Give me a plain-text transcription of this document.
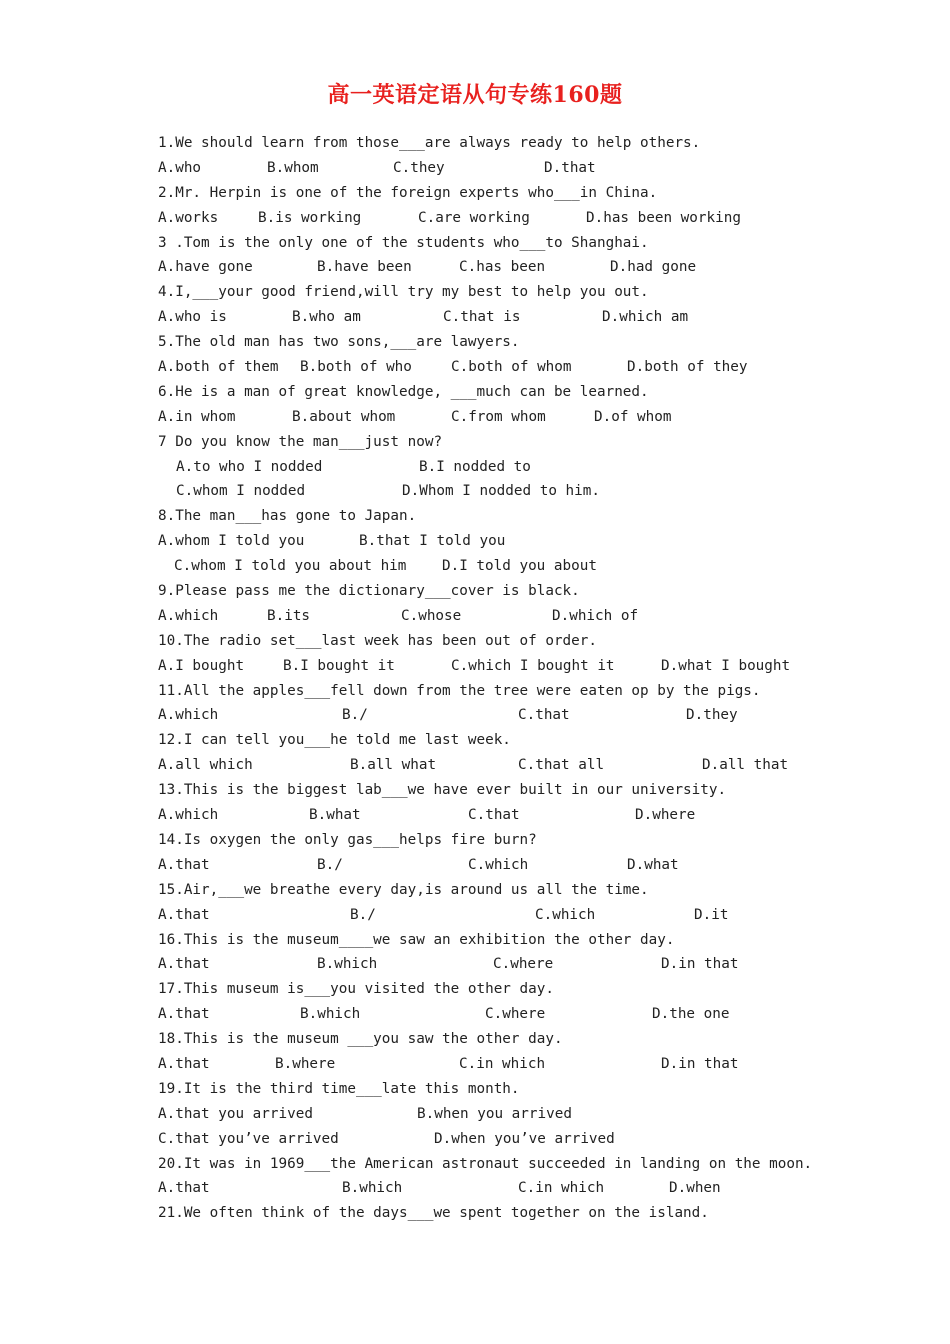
高一英语定语从句专练160题
1.We should learn from those___are always ready to help others.
A.who	B.whom	C.they	D.that
2.Mr. Herpin is one of the foreign experts who___in China.
A.works	B.is working	C.are working	D.has been working
3 .Tom is the only one of the students who___to Shanghai.
A.have gone	B.have been	C.has been	D.had gone
4.I,___your good friend,will try my best to help you out.
A.who is	B.who am	C.that is	D.which am
5.The old man has two sons,___are lawyers.
A.both of them B.both of who	C.both of whom	D.both of they
6.He is a man of great knowledge, ___much can be learned.
A.in whom	B.about whom	C.from whom	D.of whom
7 Do you know the man___just now?
A.to who I nodded	B.I nodded to
C.whom I nodded	D.Whom I nodded to him.
8.The man___has gone to Japan.
A.whom I told you	B.that I told you
C.whom I told you about him D.I told you about
9.Please pass me the dictionary___cover is black.
A.which	B.its	C.whose	D.which of
10.The radio set___last week has been out of order.
A.I bought	B.I bought it	C.which I bought it	D.what I bought
11.All the apples___fell down from the tree were eaten op by the pigs.
A.which	B./	C.that	D.they
12.I can tell you___he told me last week.
A.all which	B.all what	C.that all	D.all that
13.This is the biggest lab___we have ever built in our university.
A.which	B.what	C.that	D.where
14.Is oxygen the only gas___helps fire burn?
A.that	B./	C.which	D.what
15.Air,___we breathe every day,is around us all the time.
A.that	B./	C.which	D.it
16.This is the museum____we saw an exhibition the other day.
A.that	B.which	C.where	D.in that
17.This museum is___you visited the other day.
A.that	B.which	C.where	D.the one
18.This is the museum ___you saw the other day.
A.that	B.where	C.in which	D.in that
19.It is the third time___late this month.
A.that you arrived	B.when you arrived
C.that you’ve arrived	D.when you’ve arrived
20.It was in 1969___the American astronaut succeeded in landing on the moon.
A.that	B.which	C.in which	D.when
21.We often think of the days___we spent together on the island.
